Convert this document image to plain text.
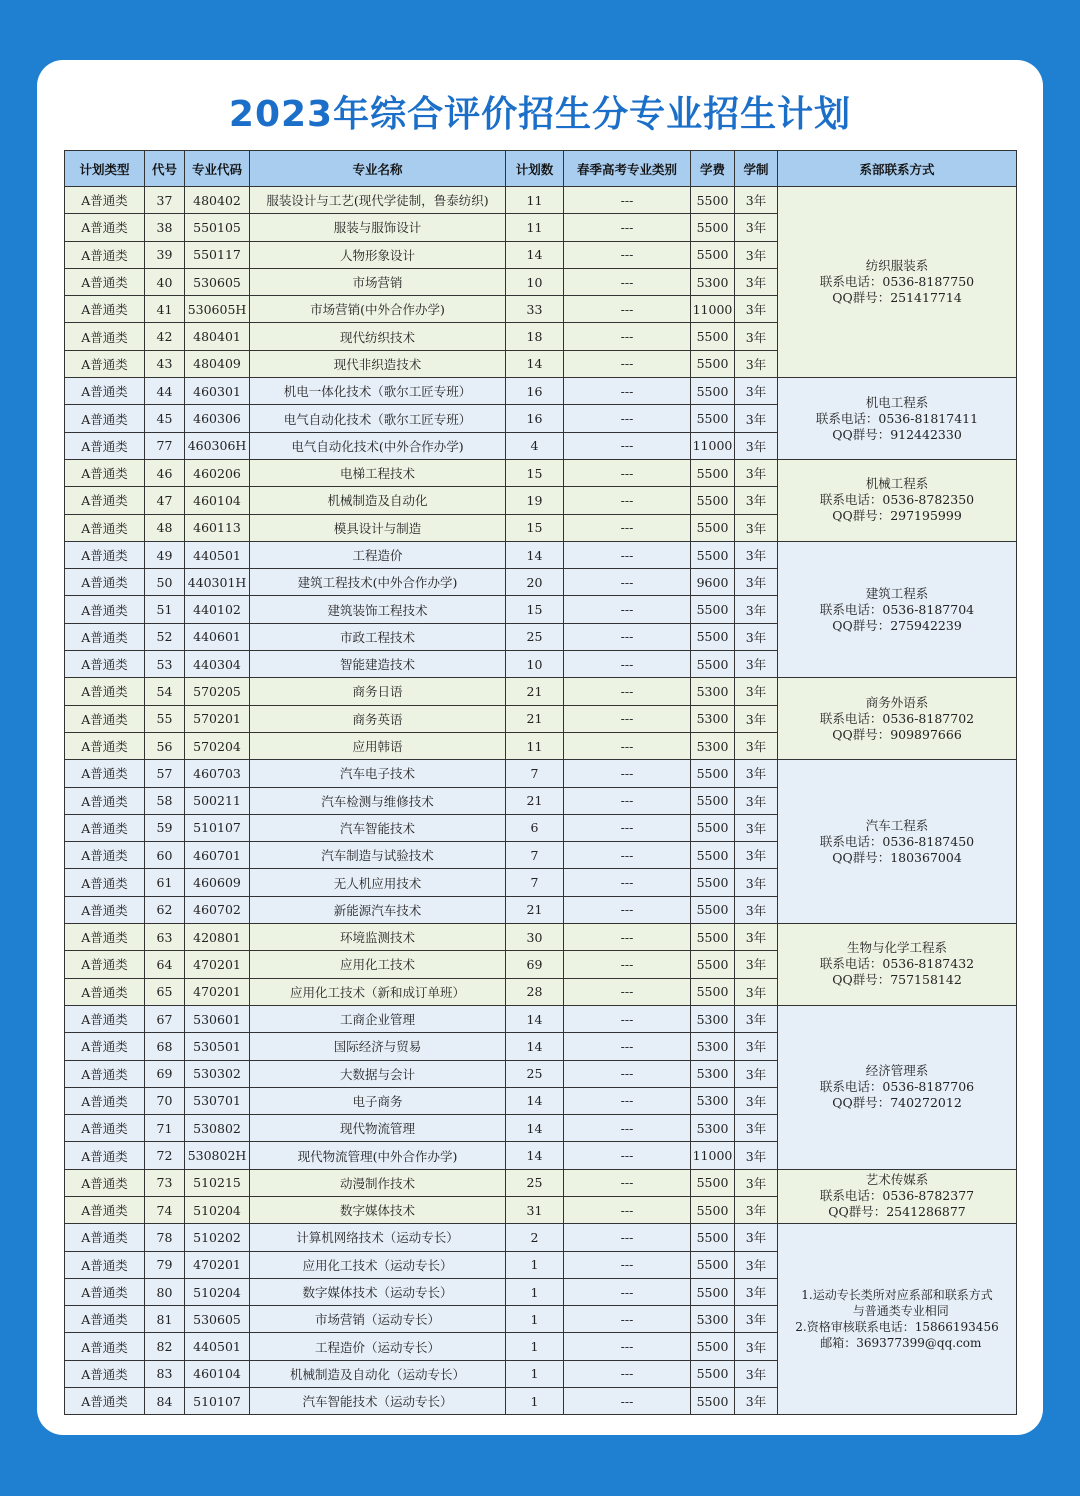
2023年综合评价招生分专业招生计划
计划类型	代号	专业代码	专业名称	计划数	春季高考专业类别	学费	学制	系部联系方式
A普通类	37	480402	服装设计与工艺(现代学徒制，鲁泰纺织)	11	---	5500	3年	纺织服装系
联系电话：0536-8187750
QQ群号：251417714

A普通类	38	550105	服装与服饰设计	11	---	5500	3年	
A普通类	39	550117	人物形象设计	14	---	5500	3年	
A普通类	40	530605	市场营销	10	---	5300	3年	
A普通类	41	530605H	市场营销(中外合作办学)	33	---	11000	3年	
A普通类	42	480401	现代纺织技术	18	---	5500	3年	
A普通类	43	480409	现代非织造技术	14	---	5500	3年	
A普通类	44	460301	机电一体化技术（歌尔工匠专班）	16	---	5500	3年	机电工程系
联系电话：0536-81817411
QQ群号：912442330

A普通类	45	460306	电气自动化技术（歌尔工匠专班）	16	---	5500	3年	
A普通类	77	460306H	电气自动化技术(中外合作办学)	4	---	11000	3年	
A普通类	46	460206	电梯工程技术	15	---	5500	3年	机械工程系
联系电话：0536-8782350
QQ群号：297195999

A普通类	47	460104	机械制造及自动化	19	---	5500	3年	
A普通类	48	460113	模具设计与制造	15	---	5500	3年	
A普通类	49	440501	工程造价	14	---	5500	3年	建筑工程系
联系电话：0536-8187704
QQ群号：275942239

A普通类	50	440301H	建筑工程技术(中外合作办学)	20	---	9600	3年	
A普通类	51	440102	建筑装饰工程技术	15	---	5500	3年	
A普通类	52	440601	市政工程技术	25	---	5500	3年	
A普通类	53	440304	智能建造技术	10	---	5500	3年	
A普通类	54	570205	商务日语	21	---	5300	3年	商务外语系
联系电话：0536-8187702
QQ群号：909897666

A普通类	55	570201	商务英语	21	---	5300	3年	
A普通类	56	570204	应用韩语	11	---	5300	3年	
A普通类	57	460703	汽车电子技术	7	---	5500	3年	汽车工程系
联系电话：0536-8187450
QQ群号：180367004

A普通类	58	500211	汽车检测与维修技术	21	---	5500	3年	
A普通类	59	510107	汽车智能技术	6	---	5500	3年	
A普通类	60	460701	汽车制造与试验技术	7	---	5500	3年	
A普通类	61	460609	无人机应用技术	7	---	5500	3年	
A普通类	62	460702	新能源汽车技术	21	---	5500	3年	
A普通类	63	420801	环境监测技术	30	---	5500	3年	生物与化学工程系
联系电话：0536-8187432
QQ群号：757158142

A普通类	64	470201	应用化工技术	69	---	5500	3年	
A普通类	65	470201	应用化工技术（新和成订单班）	28	---	5500	3年	
A普通类	67	530601	工商企业管理	14	---	5300	3年	经济管理系
联系电话：0536-8187706
QQ群号：740272012

A普通类	68	530501	国际经济与贸易	14	---	5300	3年	
A普通类	69	530302	大数据与会计	25	---	5300	3年	
A普通类	70	530701	电子商务	14	---	5300	3年	
A普通类	71	530802	现代物流管理	14	---	5300	3年	
A普通类	72	530802H	现代物流管理(中外合作办学)	14	---	11000	3年	
A普通类	73	510215	动漫制作技术	25	---	5500	3年	艺术传媒系
联系电话：0536-8782377
QQ群号：2541286877

A普通类	74	510204	数字媒体技术	31	---	5500	3年	
A普通类	78	510202	计算机网络技术（运动专长）	2	---	5500	3年	1.运动专长类所对应系部和联系方式
与普通类专业相同
2.资格审核联系电话：15866193456
邮箱：369377399@qq.com

A普通类	79	470201	应用化工技术（运动专长）	1	---	5500	3年	
A普通类	80	510204	数字媒体技术（运动专长）	1	---	5500	3年	
A普通类	81	530605	市场营销（运动专长）	1	---	5300	3年	
A普通类	82	440501	工程造价（运动专长）	1	---	5500	3年	
A普通类	83	460104	机械制造及自动化（运动专长）	1	---	5500	3年	
A普通类	84	510107	汽车智能技术（运动专长）	1	---	5500	3年	
